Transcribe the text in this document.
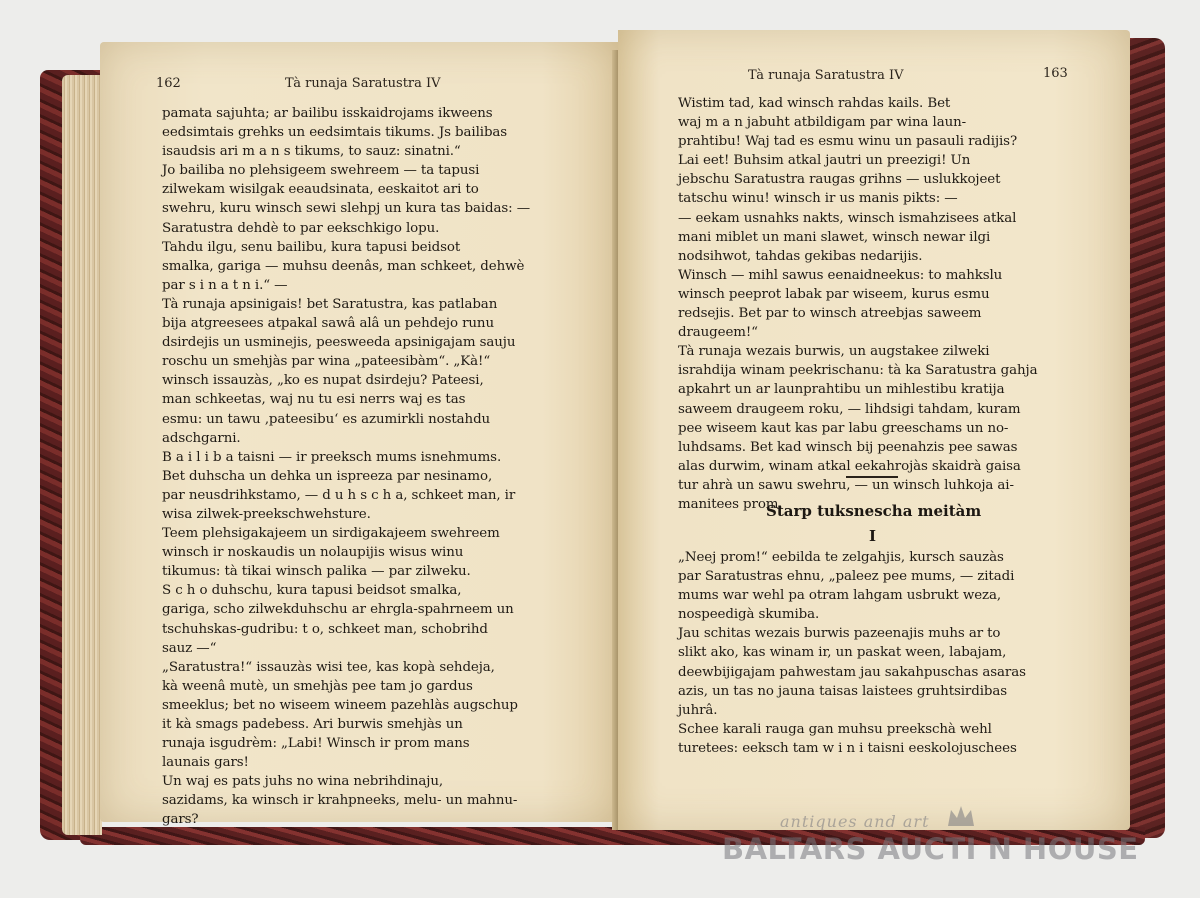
162	Tà runaja Saratustra IV

pamata sajuhta; ar bailibu isskaidrojams ikweens

eedsimtais grehks un eedsimtais tikums. Js bailibas

isaudsis ari m a n s tikums, to sauz: sinatni.“

Jo bailiba no plehsigeem swehreem — ta tapusi

zilwekam wisilgak eeaudsinata, eeskaitot ari to

swehru, kuru winsch sewi slehpj un kura tas baidas: —

Saratustra dehdè to par eekschkigo lopu.

Tahdu ilgu, senu bailibu, kura tapusi beidsot

smalka, gariga — muhsu deenâs, man schkeet, dehwè

par s i n a t n i.“ —

Tà runaja apsinigais! bet Saratustra, kas patlaban

bija atgreesees atpakal sawâ alâ un pehdejo runu

dsirdejis un usminejis, peesweeda apsinigajam sauju

roschu un smehjàs par wina „pateesibàm“. „Kà!“

winsch issauzàs, „ko es nupat dsirdeju? Pateesi,

man schkeetas, waj nu tu esi nerrs waj es tas

esmu: un tawu ‚pateesibu‘ es azumirkli nostahdu

adschgarni.

B a i l i b a taisni — ir preeksch mums isnehmums.

Bet duhscha un dehka un ispreeza par nesinamo,

par neusdrihkstamo, — d u h s c h a, schkeet man, ir

wisa zilwek-preekschwehsture.

Teem plehsigakajeem un sirdigakajeem swehreem

winsch ir noskaudis un nolaupijis wisus winu

tikumus: tà tikai winsch palika — par zilweku.

S c h o duhschu, kura tapusi beidsot smalka,

gariga, scho zilwekduhschu ar ehrgla-spahrneem un

tschuhskas-gudribu: t o, schkeet man, schobrihd

sauz —“

„Saratustra!“ issauzàs wisi tee, kas kopà sehdeja,

kà weenâ mutè, un smehjàs pee tam jo gardus

smeeklus; bet no wiseem wineem pazehlàs augschup

it kà smags padebess. Ari burwis smehjàs un

runaja isgudrèm: „Labi! Winsch ir prom mans

launais gars!

Un waj es pats juhs no wina nebrihdinaju,

sazidams, ka winsch ir krahpneeks, melu- un mahnu-

gars?

Tà runaja Saratustra IV	163

Wistim tad, kad winsch rahdas kails. Bet

waj m a n jabuht atbildigam par wina laun-

prahtibu! Waj tad es esmu winu un pasauli radijis?

Lai eet! Buhsim atkal jautri un preezigi! Un

jebschu Saratustra raugas grihns — uslukkojeet

tatschu winu! winsch ir us manis pikts: —

— eekam usnahks nakts, winsch ismahzisees atkal

mani miblet un mani slawet, winsch newar ilgi

nodsihwot, tahdas gekibas nedarijis.

Winsch — mihl sawus eenaidneekus: to mahkslu

winsch peeprot labak par wiseem, kurus esmu

redsejis. Bet par to winsch atreebjas saweem

draugeem!“

Tà runaja wezais burwis, un augstakee zilweki

israhdija winam peekrischanu: tà ka Saratustra gahja

apkahrt un ar launprahtibu un mihlestibu kratija

saweem draugeem roku, — lihdsigi tahdam, kuram

pee wiseem kaut kas par labu greeschams un no-

luhdsams. Bet kad winsch bij peenahzis pee sawas

alas durwim, winam atkal eekahrojàs skaidrà gaisa

tur ahrà un sawu swehru, — un winsch luhkoja ai-

manitees prom.

Starp tuksnescha meitàm
I

„Neej prom!“ eebilda te zelgahjis, kursch sauzàs

par Saratustras ehnu, „paleez pee mums, — zitadi

mums war wehl pa otram lahgam usbrukt weza,

nospeedigà skumiba.

Jau schitas wezais burwis pazeenajis muhs ar to

slikt ako, kas winam ir, un paskat ween, labajam,

deewbijigajam pahwestam jau sakahpuschas asaras

azis, un tas no jauna taisas laistees gruhtsirdibas

juhrâ.

Schee karali rauga gan muhsu preekschà wehl

turetees: eeksch tam w i n i taisni eeskolojuschees

antiques and art
BALTARS AUCTI N HOUSE
